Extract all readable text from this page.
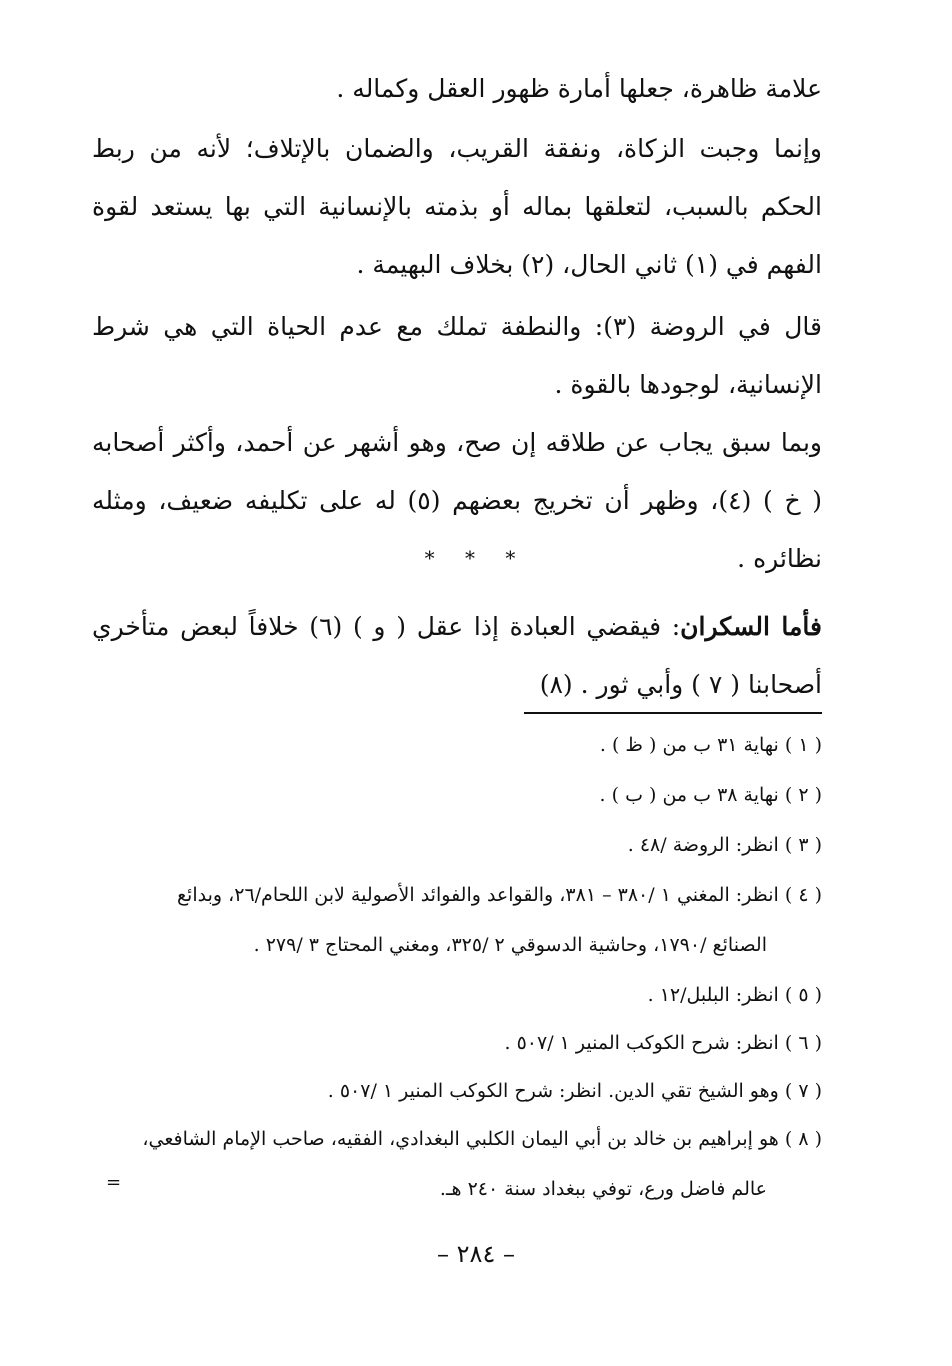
علامة ظاهرة، جعلها أمارة ظهور العقل وكماله .

وإنما وجبت الزكاة، ونفقة القريب، والضمان بالإتلاف؛ لأنه من ربط الحكم بالسبب، لتعلقها بماله أو بذمته بالإنسانية التي بها يستعد لقوة الفهم في (١) ثاني الحال، (٢) بخلاف البهيمة .

قال في الروضة (٣): والنطفة تملك مع عدم الحياة التي هي شرط الإنسانية، لوجودها بالقوة .

وبما سبق يجاب عن طلاقه إن صح، وهو أشهر عن أحمد، وأكثر أصحابه ( خ ) (٤)، وظهر أن تخريج بعضهم (٥) له على تكليفه ضعيف، ومثله نظائره .

* * *

فأما السكران: فيقضي العبادة إذا عقل ( و ) (٦) خلافاً لبعض متأخري أصحابنا ( ٧ ) وأبي ثور . (٨)

( ١ ) نهاية ٣١ ب من ( ظ ) .
( ٢ ) نهاية ٣٨ ب من ( ب ) .
( ٣ ) انظر: الروضة /٤٨ .
( ٤ ) انظر: المغني ١ /٣٨٠ – ٣٨١، والقواعد والفوائد الأصولية لابن اللحام/٢٦، وبدائع
الصنائع /١٧٩٠، وحاشية الدسوقي ٢ /٣٢٥، ومغني المحتاج ٣ /٢٧٩ .
( ٥ ) انظر: البلبل/١٢ .
( ٦ ) انظر: شرح الكوكب المنير ١ /٥٠٧ .
( ٧ ) وهو الشيخ تقي الدين. انظر: شرح الكوكب المنير ١ /٥٠٧ .
( ٨ ) هو إبراهيم بن خالد بن أبي اليمان الكلبي البغدادي، الفقيه، صاحب الإمام الشافعي،
عالم فاضل ورع، توفي ببغداد سنة ٢٤٠ هـ.
=
– ٢٨٤ –
